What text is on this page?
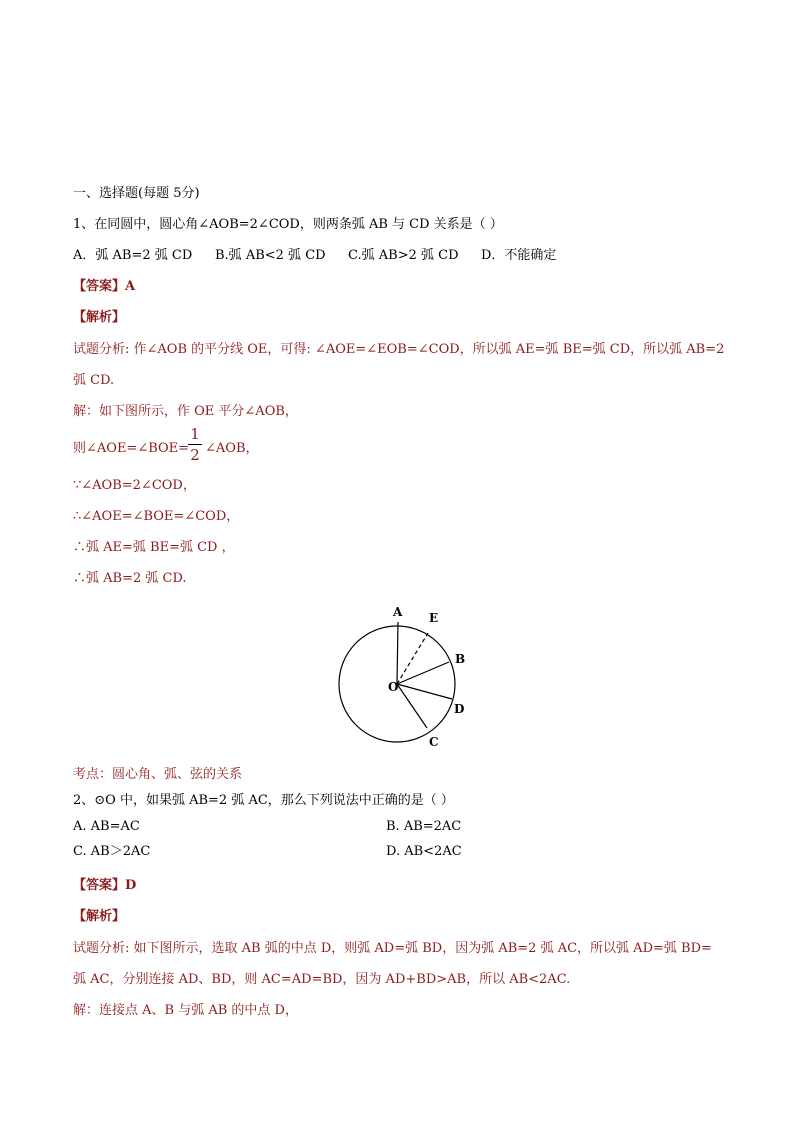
一、选择题(每题 5分)
1、在同圆中，圆心角∠AOB=2∠COD，则两条弧 AB 与 CD 关系是（ ）
A．弧 AB=2 弧 CD B.弧 AB<2 弧 CD C.弧 AB>2 弧 CD D．不能确定
【答案】A
【解析】
试题分析: 作∠AOB 的平分线 OE，可得: ∠AOE=∠EOB=∠COD，所以弧 AE=弧 BE=弧 CD，所以弧 AB=2
弧 CD.
解：如下图所示，作 OE 平分∠AOB，
则∠AOE=∠BOE=
$\frac{1}{2}$ ∠AOB，
∵∠AOB=2∠COD，
∴∠AOE=∠BOE=∠COD，
∴弧 AE=弧 BE=弧 CD ，
∴弧 AB=2 弧 CD.
A E
B
O
D
C
考点：圆心角、弧、弦的关系
2、⊙O 中，如果弧 AB=2 弧 AC，那么下列说法中正确的是（ ）
A. AB=AC	B. AB=2AC
C. AB＞2AC	D. AB<2AC
【答案】D
【解析】
试题分析: 如下图所示，选取 AB 弧的中点 D，则弧 AD=弧 BD，因为弧 AB=2 弧 AC，所以弧 AD=弧 BD=
弧 AC，分别连接 AD、BD，则 AC=AD=BD，因为 AD+BD>AB，所以 AB<2AC.
解：连接点 A、B 与弧 AB 的中点 D，
